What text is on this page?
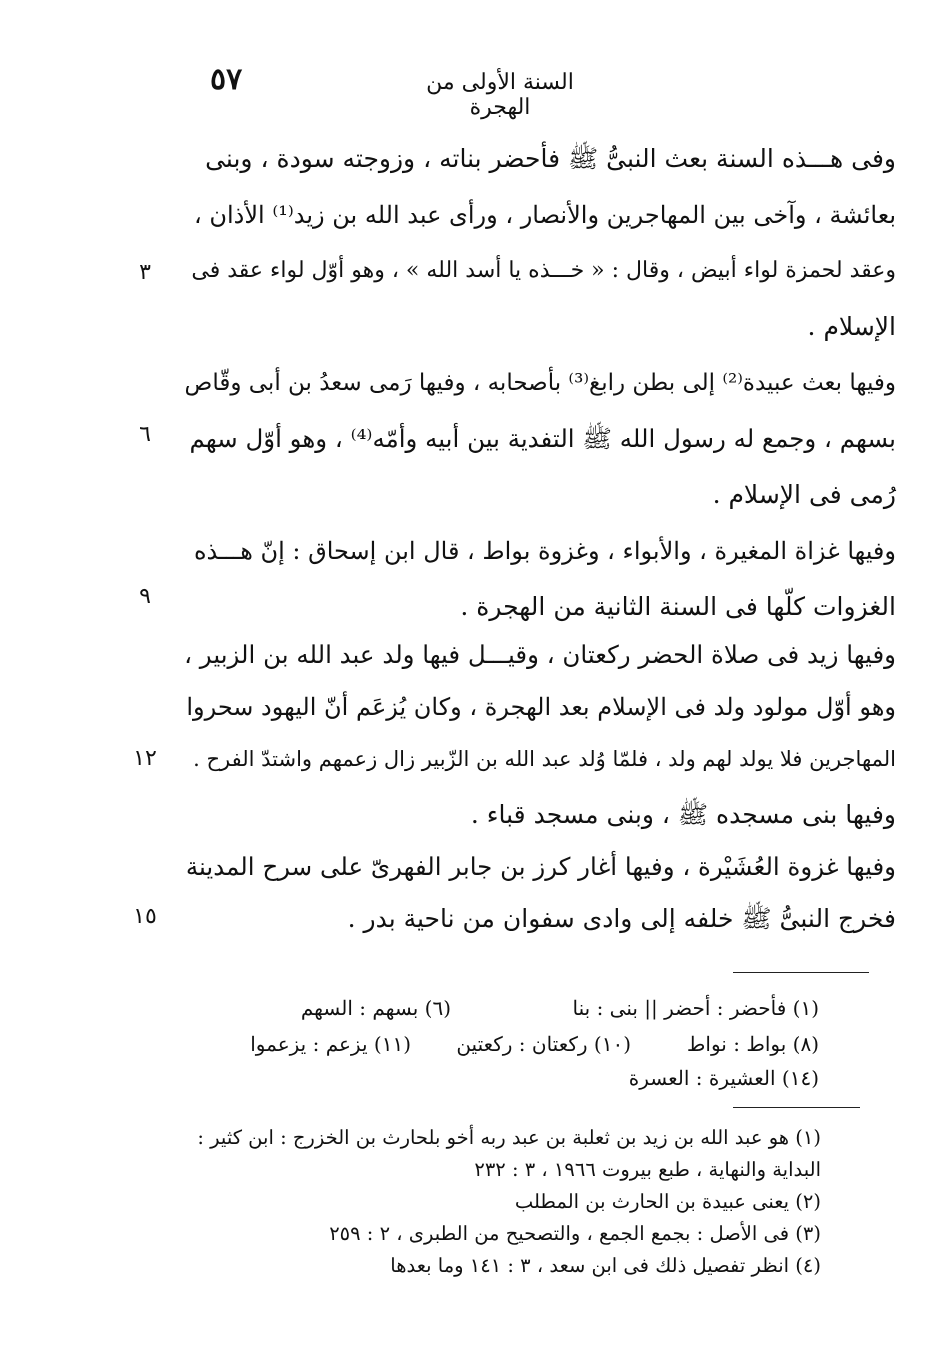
٥٧	السنة الأولى من الهجرة
وفى هـــذه السنة بعث النبىُّ ﷺ فأحضر بناته ، وزوجته سودة ، وبنى
بعائشة ، وآخى بين المهاجرين والأنصار ، ورأى عبد الله بن زيد⁽¹⁾ الأذان ،
وعقد لحمزة لواء أبيض ، وقال : « خـــذه يا أسد الله » ، وهو أوّل لواء عقد فى
الإسلام .
وفيها بعث عبيدة⁽²⁾ إلى بطن رابغ⁽³⁾ بأصحابه ، وفيها رَمى سعدُ بن أبى وقّاص
بسهم ، وجمع له رسول الله ﷺ التفدية بين أبيه وأمّه⁽⁴⁾ ، وهو أوّل سهم
رُمى فى الإسلام .
وفيها غزاة المغيرة ، والأبواء ، وغزوة بواط ، قال ابن إسحاق : إنّ هـــذه
الغزوات كلّها فى السنة الثانية من الهجرة .
وفيها زيد فى صلاة الحضر ركعتان ، وقيـــل فيها ولد عبد الله بن الزبير ،
وهو أوّل مولود ولد فى الإسلام بعد الهجرة ، وكان يُزعَم أنّ اليهود سحروا
المهاجرين فلا يولد لهم ولد ، فلمّا وُلد عبد الله بن الزّبير زال زعمهم واشتدّ الفرح .
وفيها بنى مسجده ﷺ ، وبنى مسجد قباء .
وفيها غزوة العُشَيْرة ، وفيها أغار كرز بن جابر الفهرىّ على سرح المدينة
فخرج النبىُّ ﷺ خلفه إلى وادى سفوان من ناحية بدر .
٣
٦
٩
١٢
١٥
(١) فأحضر : أحضر || بنى : بنا
(٦) بسهم : السهم
(٨) بواط : نواط
(١٠) ركعتان : ركعتين
(١١) يزعم : يزعموا
(١٤) العشيرة : العسرة
(١) هو عبد الله بن زيد بن ثعلبة بن عبد ربه أخو بلحارث بن الخزرج : ابن كثير :
البداية والنهاية ، طبع بيروت ١٩٦٦ ، ٣ : ٢٣٢
(٢) يعنى عبيدة بن الحارث بن المطلب
(٣) فى الأصل : بجمع الجمع ، والتصحيح من الطبرى ، ٢ : ٢٥٩
(٤) انظر تفصيل ذلك فى ابن سعد ، ٣ : ١٤١ وما بعدها
